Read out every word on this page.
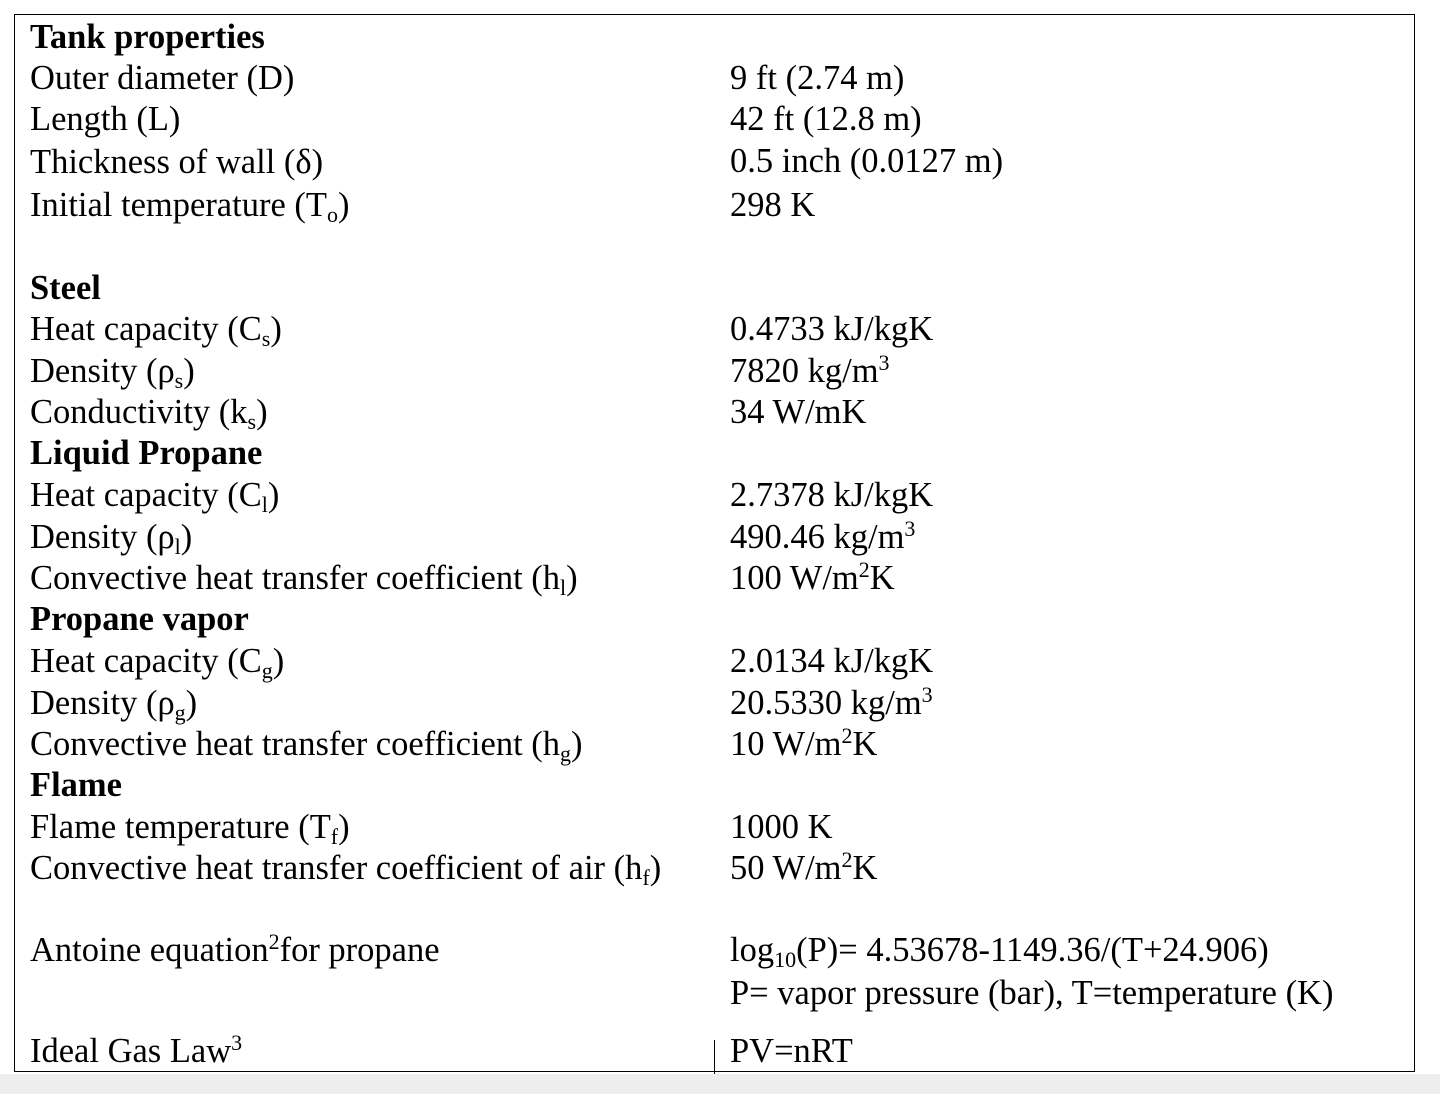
Tank properties
Outer diameter (D)	9 ft (2.74 m)
Length (L)	42 ft (12.8 m)
Thickness of wall (δ)	0.5 inch (0.0127 m)
Initial temperature $(T_o)$	298 K
Steel
Heat capacity $(C_s)$	0.4733 kJ/kgK
Density $(\rho_s)$	7820 $kg/m^3$
Conductivity $(k_s)$	34 W/mK
Liquid Propane
Heat capacity $(C_l)$	2.7378 kJ/kgK
Density $(\rho_l)$	490.46 $kg/m^3$
Convective heat transfer coefficient $(h_l)$	100 $W/m^2K$
Propane vapor
Heat capacity $(C_g)$	2.0134 kJ/kgK
Density $(\rho_g)$	20.5330 $kg/m^3$
Convective heat transfer coefficient $(h_g)$	10 $W/m^2K$
Flame
Flame temperature $(T_f)$	1000 K
Convective heat transfer coefficient of air $(h_f)$ 50 $W/m^2K$
Antoine equation$^2$for propane	$\log_{10}(P)= 4.53678-1149.36/(T+24.906)$
P= vapor pressure (bar), T=temperature (K)
Ideal Gas Law$^3$	PV=nRT
